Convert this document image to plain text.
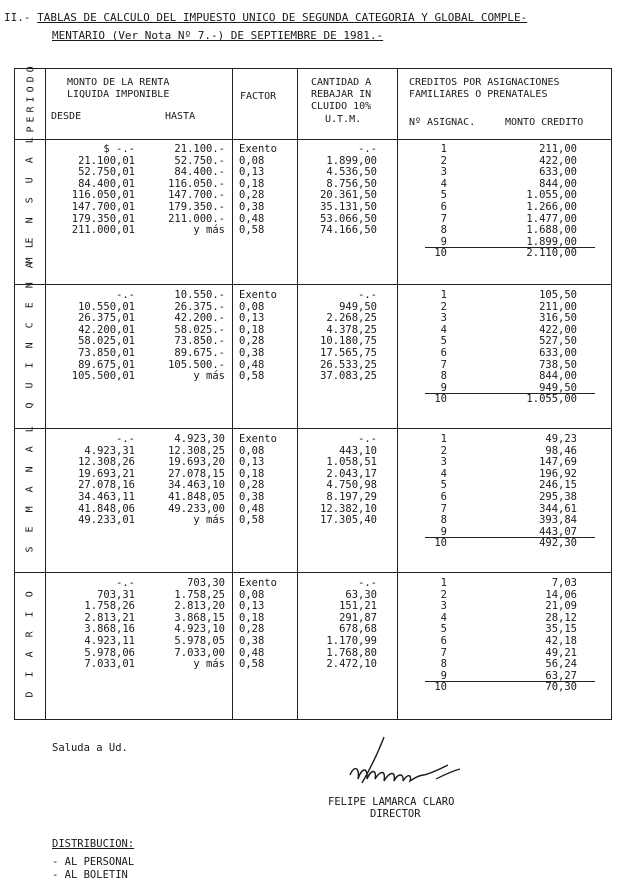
II.- TABLAS DE CALCULO DEL IMPUESTO UNICO DE SEGUNDA CATEGORIA Y GLOBAL COMPLE-
MENTARIO (Ver Nota Nº 7.-) DE SEPTIEMBRE DE 1981.-
PERIODO	MONTO DE LA RENTA
LIQUIDA IMPONIBLE
DESDE	HASTA
FACTOR
CANTIDAD A
REBAJAR IN
CLUIDO 10%
U.T.M.
CREDITOS POR ASIGNACIONES
FAMILIARES O PRENATALES
Nº ASIGNAC.	MONTO CREDITO
M E N S U A L	$ -.-	21.100.- Exento	-.-
21.100,01	52.750.- 0,08	1.899,00
52.750,01	84.400.- 0,13	4.536,50
84.400,01	116.050.- 0,18	8.756,50
116.050,01	147.700.- 0,28	20.361,50
147.700,01	179.350.- 0,38	35.131,50
179.350,01	211.000.- 0,48	53.066,50
211.000,01	y más 0,58	74.166,50
1	211,00
2	422,00
3	633,00
4	844,00
5	1.055,00
6	1.266,00
7	1.477,00
8	1.688,00
9	1.899,00
10	2.110,00
Q U I N C E N A L	-.-	10.550.- Exento	-.-
10.550,01	26.375.- 0,08	949,50
26.375,01	42.200.- 0,13	2.268,25
42.200,01	58.025.- 0,18	4.378,25
58.025,01	73.850.- 0,28	10.180,75
73.850,01	89.675.- 0,38	17.565,75
89.675,01	105.500.- 0,48	26.533,25
105.500,01	y más 0,58	37.083,25
1	105,50
2	211,00
3	316,50
4	422,00
5	527,50
6	633,00
7	738,50
8	844,00
9	949,50
10	1.055,00
S E M A N A L	-.-	4.923,30 Exento	-.-
4.923,31	12.308,25 0,08	443,10
12.308,26	19.693,20 0,13	1.058,51
19.693,21	27.078,15 0,18	2.043,17
27.078,16	34.463,10 0,28	4.750,98
34.463,11	41.848,05 0,38	8.197,29
41.848,06	49.233,00 0,48	12.382,10
49.233,01	y más 0,58	17.305,40
1	49,23
2	98,46
3	147,69
4	196,92
5	246,15
6	295,38
7	344,61
8	393,84
9	443,07
10	492,30
D I A R I O
-.-	703,30 Exento	-.-
703,31	1.758,25 0,08	63,30
1.758,26	2.813,20 0,13	151,21
2.813,21	3.868,15 0,18	291,87
3.868,16	4.923,10 0,28	678,68
4.923,11	5.978,05 0,38	1.170,99
5.978,06	7.033,00 0,48	1.768,80
7.033,01	y más 0,58	2.472,10
1	7,03
2	14,06
3	21,09
4	28,12
5	35,15
6	42,18
7	49,21
8	56,24
9	63,27
10	70,30
Saluda a Ud.
FELIPE LAMARCA CLARO
DIRECTOR
DISTRIBUCION:
- AL PERSONAL
- AL BOLETIN
